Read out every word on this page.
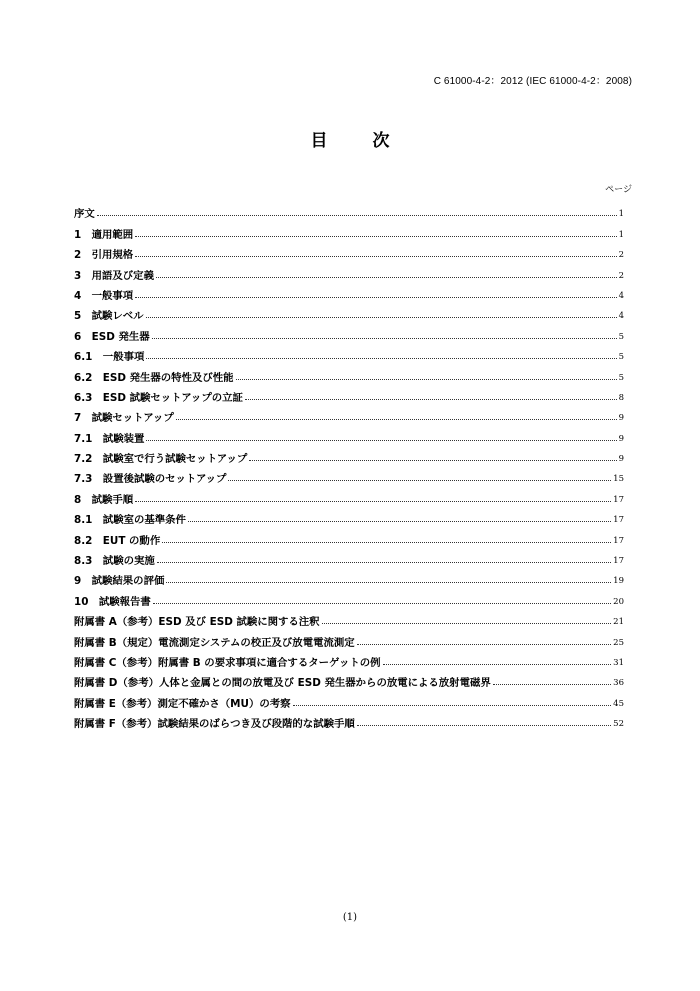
C 61000-4-2：2012 (IEC 61000-4-2：2008)
目　次
ページ
序文	1
1　適用範囲	1
2　引用規格	2
3　用語及び定義	2
4　一般事項	4
5　試験レベル	4
6　ESD 発生器	5
6.1　一般事項	5
6.2　ESD 発生器の特性及び性能	5
6.3　ESD 試験セットアップの立証	8
7　試験セットアップ	9
7.1　試験装置	9
7.2　試験室で行う試験セットアップ	9
7.3　設置後試験のセットアップ	15
8　試験手順	17
8.1　試験室の基準条件	17
8.2　EUT の動作	17
8.3　試験の実施	17
9　試験結果の評価	19
10　試験報告書	20
附属書 A（参考）ESD 及び ESD 試験に関する注釈	21
附属書 B（規定）電流測定システムの校正及び放電電流測定	25
附属書 C（参考）附属書 B の要求事項に適合するターゲットの例	31
附属書 D（参考）人体と金属との間の放電及び ESD 発生器からの放電による放射電磁界	36
附属書 E（参考）測定不確かさ（MU）の考察	45
附属書 F（参考）試験結果のばらつき及び段階的な試験手順	52
(1)
